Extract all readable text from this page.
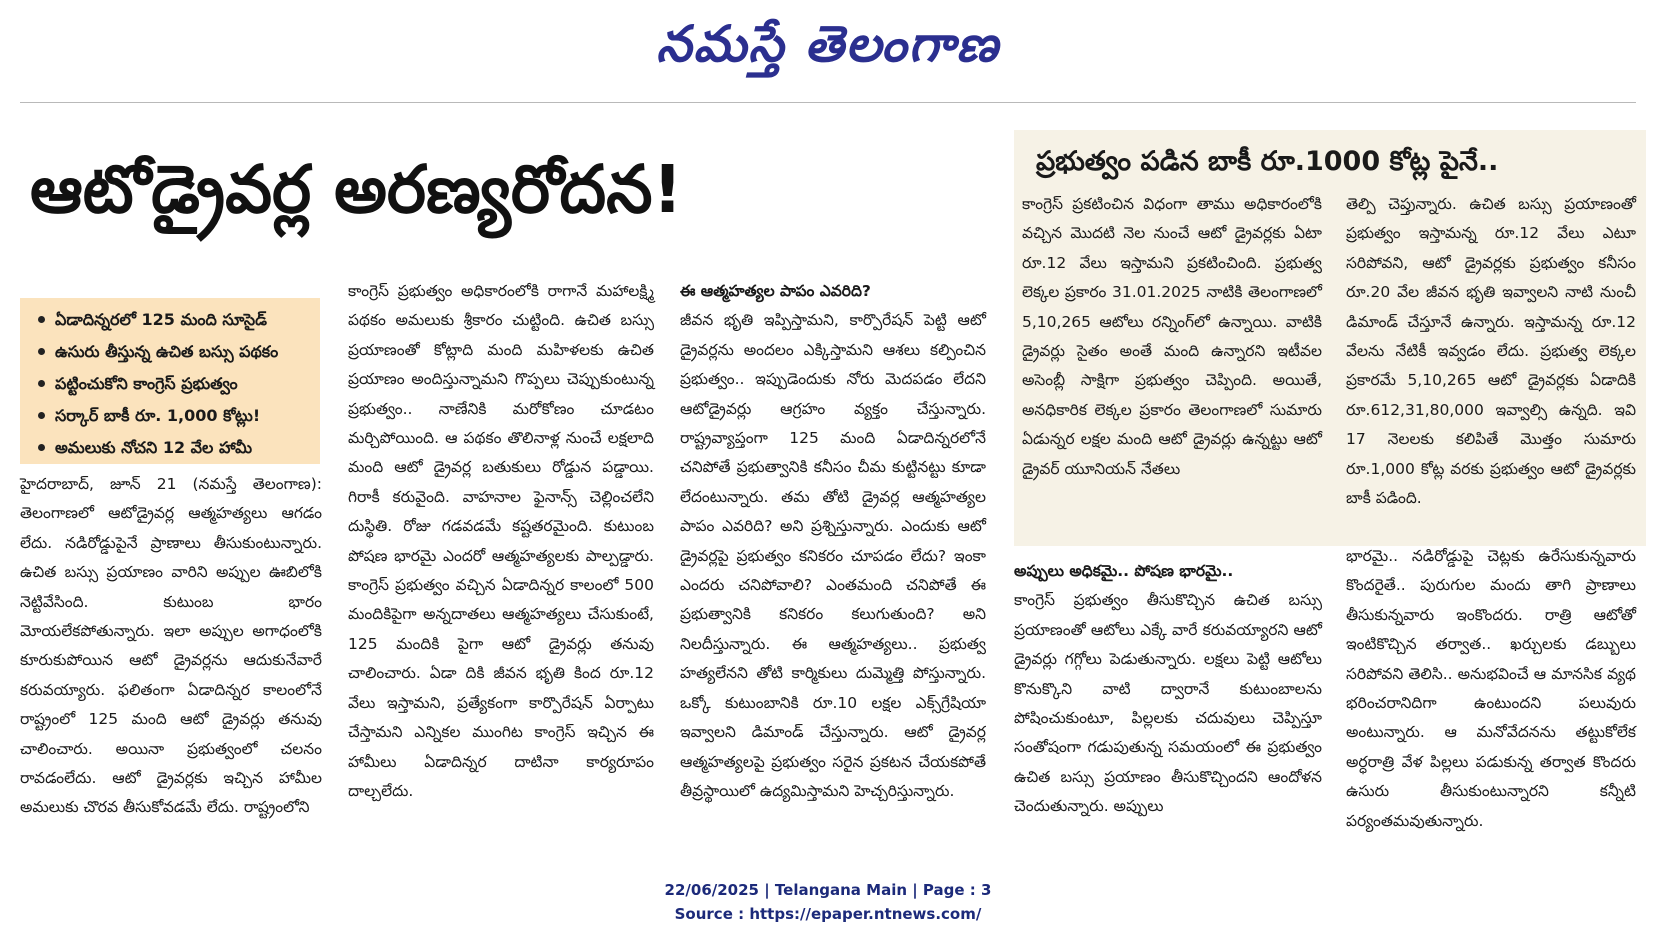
నమస్తే తెలంగాణ
ఆటోడ్రైవర్ల అరణ్యరోదన!
ఏడాదిన్నరలో 125 మంది సూసైడ్
ఉసురు తీస్తున్న ఉచిత బస్సు పథకం
పట్టించుకోని కాంగ్రెస్‌ ప్రభుత్వం
సర్కార్‌ బాకీ రూ. 1,000 కోట్లు!
అమలుకు నోచని 12 వేల హామీ

హైదరాబాద్‌, జూన్‌ 21 (నమస్తే తెలంగాణ): తెలంగాణలో ఆటోడ్రైవర్ల ఆత్మహత్యలు ఆగడం లేదు. నడిరోడ్డుపైనే ప్రాణాలు తీసుకుంటున్నారు. ఉచిత బస్సు ప్రయాణం వారిని అప్పుల ఊబిలోకి నెట్టివేసింది. కుటుంబ భారం మోయలేకపోతున్నారు. ఇలా అప్పుల అగాధంలోకి కూరుకుపోయిన ఆటో డ్రైవర్లను ఆదుకునేవారే కరువయ్యారు. ఫలితంగా ఏడాదిన్నర కాలంలోనే రాష్ట్రంలో 125 మంది ఆటో డ్రైవర్లు తనువు చాలించారు. అయినా ప్రభుత్వంలో చలనం రావడంలేదు. ఆటో డ్రైవర్లకు ఇచ్చిన హామీల అమలుకు చొరవ తీసుకోవడమే లేదు. రాష్ట్రంలోని

కాంగ్రెస్‌ ప్రభుత్వం అధికారంలోకి రాగానే మహాలక్ష్మి పథకం అమలుకు శ్రీకారం చుట్టింది. ఉచిత బస్సు ప్రయాణంతో కోట్లాది మంది మహిళలకు ఉచిత ప్రయాణం అందిస్తున్నామని గొప్పలు చెప్పుకుంటున్న ప్రభుత్వం.. నాణేనికి మరోకోణం చూడటం మర్చిపోయింది. ఆ పథకం తొలినాళ్ల నుంచే లక్షలాది మంది ఆటో డ్రైవర్ల బతుకులు రోడ్డున పడ్డాయి. గిరాకీ కరువైంది. వాహనాల ఫైనాన్స్‌ చెల్లించలేని దుస్థితి. రోజు గడవడమే కష్టతరమైంది. కుటుంబ పోషణ భారమై ఎందరో ఆత్మహత్యలకు పాల్పడ్డారు. కాంగ్రెస్‌ ప్రభుత్వం వచ్చిన ఏడాదిన్నర కాలంలో 500 మందికిపైగా అన్నదాతలు ఆత్మహత్యలు చేసుకుంటే, 125 మందికి పైగా ఆటో డ్రైవర్లు తనువు చాలించారు. ఏడా దికి జీవన భృతి కింద రూ.12 వేలు ఇస్తామని, ప్రత్యేకంగా కార్పొరేషన్‌ ఏర్పాటు చేస్తామని ఎన్నికల ముంగిట కాంగ్రెస్‌ ఇచ్చిన ఈ హామీలు ఏడాదిన్నర దాటినా కార్యరూపం దాల్చలేదు.

ఈ ఆత్మహత్యల పాపం ఎవరిది?

జీవన భృతి ఇప్పిస్తామని, కార్పొరేషన్‌ పెట్టి ఆటో డ్రైవర్లను అందలం ఎక్కిస్తామని ఆశలు కల్పించిన ప్రభుత్వం.. ఇప్పుడెందుకు నోరు మెదపడం లేదని ఆటోడ్రైవర్లు ఆగ్రహం వ్యక్తం చేస్తున్నారు. రాష్ట్రవ్యాప్తంగా 125 మంది ఏడాదిన్నరలోనే చనిపోతే ప్రభుత్వానికి కనీసం చీమ కుట్టినట్టు కూడా లేదంటున్నారు. తమ తోటి డ్రైవర్ల ఆత్మహత్యల పాపం ఎవరిది? అని ప్రశ్నిస్తున్నారు. ఎందుకు ఆటో డ్రైవర్లపై ప్రభుత్వం కనికరం చూపడం లేదు? ఇంకా ఎందరు చనిపోవాలి? ఎంతమంది చనిపోతే ఈ ప్రభుత్వానికి కనికరం కలుగుతుంది? అని నిలదీస్తున్నారు. ఈ ఆత్మహత్యలు.. ప్రభుత్వ హత్యలేనని తోటి కార్మికులు దుమ్మెత్తి పోస్తున్నారు. ఒక్కో కుటుంబానికి రూ.10 లక్షల ఎక్స్‌గ్రేషియా ఇవ్వాలని డిమాండ్‌ చేస్తున్నారు. ఆటో డ్రైవర్ల ఆత్మహత్యలపై ప్రభుత్వం సరైన ప్రకటన చేయకపోతే తీవ్రస్థాయిలో ఉద్యమిస్తామని హెచ్చరిస్తున్నారు.

ప్రభుత్వం పడిన బాకీ రూ.1000 కోట్ల పైనే..

కాంగ్రెస్‌ ప్రకటించిన విధంగా తాము అధికారంలోకి వచ్చిన మొదటి నెల నుంచే ఆటో డ్రైవర్లకు ఏటా రూ.12 వేలు ఇస్తామని ప్రకటించింది. ప్రభుత్వ లెక్కల ప్రకారం 31.01.2025 నాటికి తెలంగాణలో 5,10,265 ఆటోలు రన్నింగ్‌లో ఉన్నాయి. వాటికి డ్రైవర్లు సైతం అంతే మంది ఉన్నారని ఇటీవల అసెంబ్లీ సాక్షిగా ప్రభుత్వం చెప్పింది. అయితే, అనధికారిక లెక్కల ప్రకారం తెలంగాణలో సుమారు ఏడున్నర లక్షల మంది ఆటో డ్రైవర్లు ఉన్నట్టు ఆటో డ్రైవర్‌ యూనియన్‌ నేతలు

తెల్పి చెప్తున్నారు. ఉచిత బస్సు ప్రయాణంతో ప్రభుత్వం ఇస్తామన్న రూ.12 వేలు ఎటూ సరిపోవని, ఆటో డ్రైవర్లకు ప్రభుత్వం కనీసం రూ.20 వేల జీవన భృతి ఇవ్వాలని నాటి నుంచీ డిమాండ్‌ చేస్తూనే ఉన్నారు. ఇస్తామన్న రూ.12 వేలను నేటికీ ఇవ్వడం లేదు. ప్రభుత్వ లెక్కల ప్రకారమే 5,10,265 ఆటో డ్రైవర్లకు ఏడాదికి రూ.612,31,80,000 ఇవ్వాల్సి ఉన్నది. ఇవి 17 నెలలకు కలిపితే మొత్తం సుమారు రూ.1,000 కోట్ల వరకు ప్రభుత్వం ఆటో డ్రైవర్లకు బాకీ పడింది.

అప్పులు అధికమై.. పోషణ భారమై..

కాంగ్రెస్‌ ప్రభుత్వం తీసుకొచ్చిన ఉచిత బస్సు ప్రయాణంతో ఆటోలు ఎక్కే వారే కరువయ్యారని ఆటో డ్రైవర్లు గగ్గోలు పెడుతున్నారు. లక్షలు పెట్టి ఆటోలు కొనుక్కొని వాటి ద్వారానే కుటుంబాలను పోషించుకుంటూ, పిల్లలకు చదువులు చెప్పిస్తూ సంతోషంగా గడుపుతున్న సమయంలో ఈ ప్రభుత్వం ఉచిత బస్సు ప్రయాణం తీసుకొచ్చిందని ఆందోళన చెందుతున్నారు. అప్పులు

భారమై.. నడిరోడ్డుపై చెట్లకు ఉరేసుకున్నవారు కొందరైతే.. పురుగుల మందు తాగి ప్రాణాలు తీసుకున్నవారు ఇంకొందరు. రాత్రి ఆటోతో ఇంటికొచ్చిన తర్వాత.. ఖర్చులకు డబ్బులు సరిపోవని తెలిసి.. అనుభవించే ఆ మానసిక వ్యథ భరించరానిదిగా ఉంటుందని పలువురు అంటున్నారు. ఆ మనోవేదనను తట్టుకోలేక అర్ధరాత్రి వేళ పిల్లలు పడుకున్న తర్వాత కొందరు ఉసురు తీసుకుంటున్నారని కన్నీటి పర్యంతమవుతున్నారు.

22/06/2025 | Telangana Main | Page : 3
Source : https://epaper.ntnews.com/
